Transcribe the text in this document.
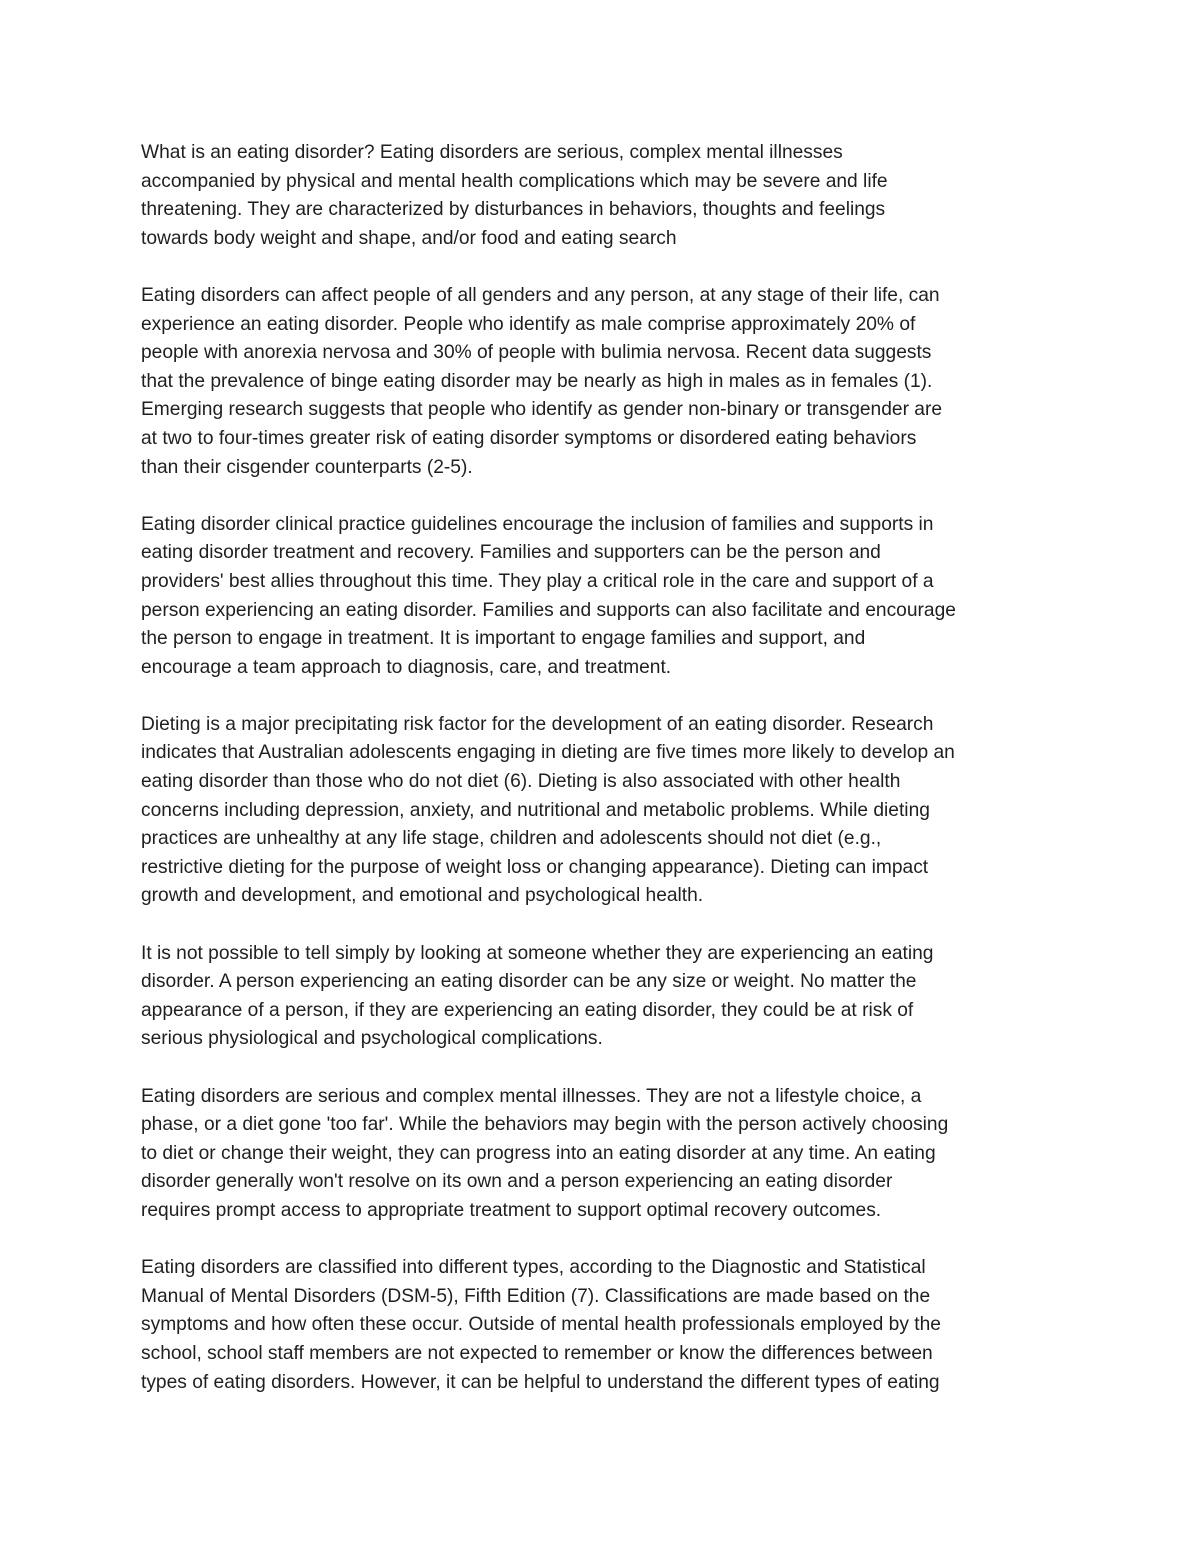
What is an eating disorder? Eating disorders are serious, complex mental illnesses
accompanied by physical and mental health complications which may be severe and life
threatening. They are characterized by disturbances in behaviors, thoughts and feelings
towards body weight and shape, and/or food and eating search

Eating disorders can affect people of all genders and any person, at any stage of their life, can
experience an eating disorder. People who identify as male comprise approximately 20% of
people with anorexia nervosa and 30% of people with bulimia nervosa. Recent data suggests
that the prevalence of binge eating disorder may be nearly as high in males as in females (1).
Emerging research suggests that people who identify as gender non-binary or transgender are
at two to four-times greater risk of eating disorder symptoms or disordered eating behaviors
than their cisgender counterparts (2-5).

Eating disorder clinical practice guidelines encourage the inclusion of families and supports in
eating disorder treatment and recovery. Families and supporters can be the person and
providers' best allies throughout this time. They play a critical role in the care and support of a
person experiencing an eating disorder. Families and supports can also facilitate and encourage
the person to engage in treatment. It is important to engage families and support, and
encourage a team approach to diagnosis, care, and treatment.

Dieting is a major precipitating risk factor for the development of an eating disorder. Research
indicates that Australian adolescents engaging in dieting are five times more likely to develop an
eating disorder than those who do not diet (6). Dieting is also associated with other health
concerns including depression, anxiety, and nutritional and metabolic problems. While dieting
practices are unhealthy at any life stage, children and adolescents should not diet (e.g.,
restrictive dieting for the purpose of weight loss or changing appearance). Dieting can impact
growth and development, and emotional and psychological health.

It is not possible to tell simply by looking at someone whether they are experiencing an eating
disorder. A person experiencing an eating disorder can be any size or weight. No matter the
appearance of a person, if they are experiencing an eating disorder, they could be at risk of
serious physiological and psychological complications.

Eating disorders are serious and complex mental illnesses. They are not a lifestyle choice, a
phase, or a diet gone 'too far'. While the behaviors may begin with the person actively choosing
to diet or change their weight, they can progress into an eating disorder at any time. An eating
disorder generally won't resolve on its own and a person experiencing an eating disorder
requires prompt access to appropriate treatment to support optimal recovery outcomes.

Eating disorders are classified into different types, according to the Diagnostic and Statistical
Manual of Mental Disorders (DSM-5), Fifth Edition (7). Classifications are made based on the
symptoms and how often these occur. Outside of mental health professionals employed by the
school, school staff members are not expected to remember or know the differences between
types of eating disorders. However, it can be helpful to understand the different types of eating
